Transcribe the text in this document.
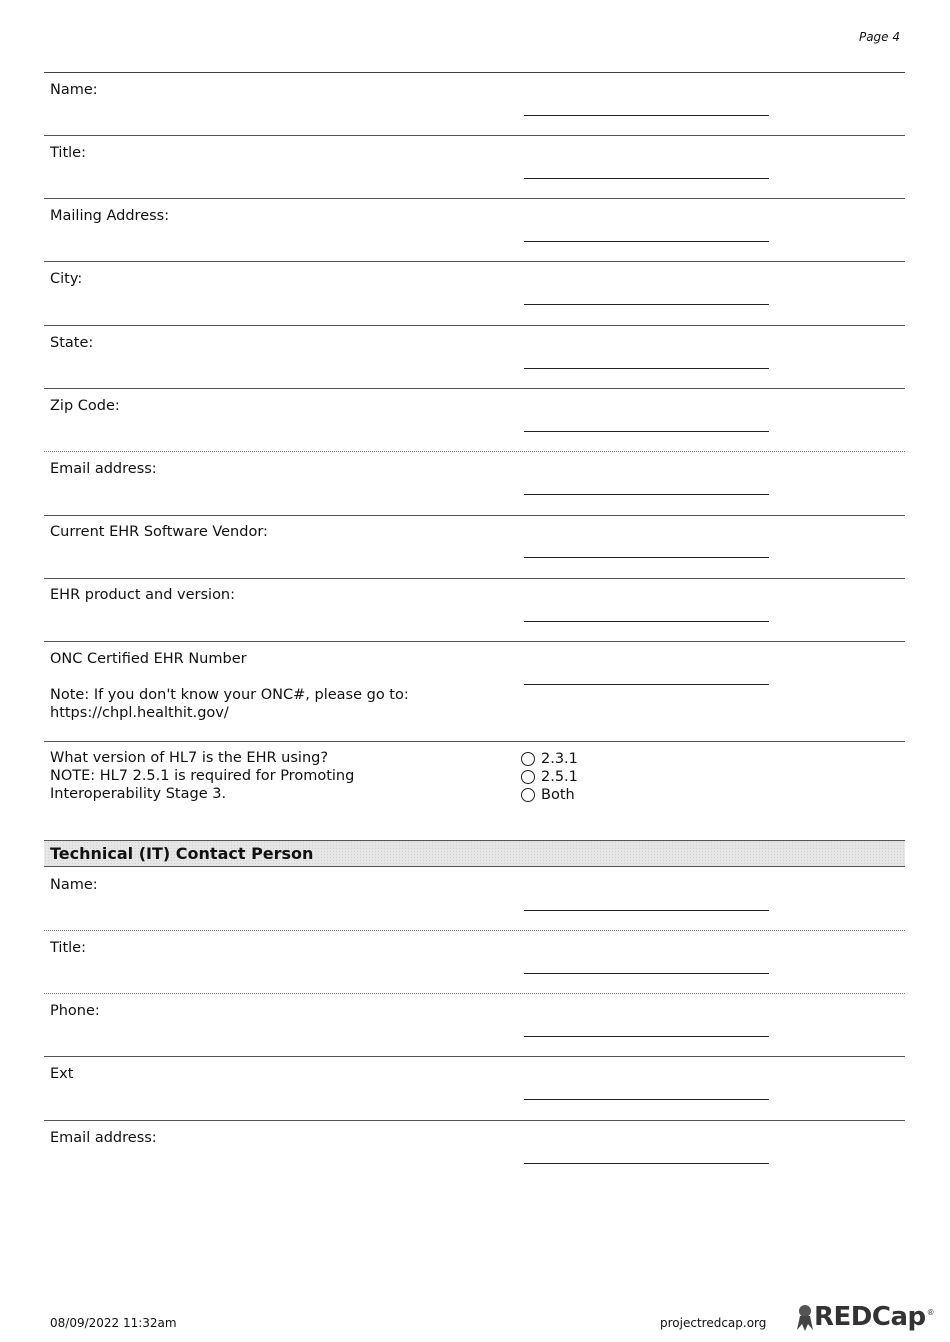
Page 4
Name:
Title:
Mailing Address:
City:
State:
Zip Code:
Email address:
Current EHR Software Vendor:
EHR product and version:
ONC Certified EHR Number

Note: If you don't know your ONC#, please go to:
https://chpl.healthit.gov/
What version of HL7 is the EHR using?
NOTE: HL7 2.5.1 is required for Promoting
Interoperability Stage 3.
2.3.1
2.5.1
Both
Technical (IT) Contact Person
Name:
Title:
Phone:
Ext
Email address:
08/09/2022 11:32am	projectredcap.org REDCap ®
